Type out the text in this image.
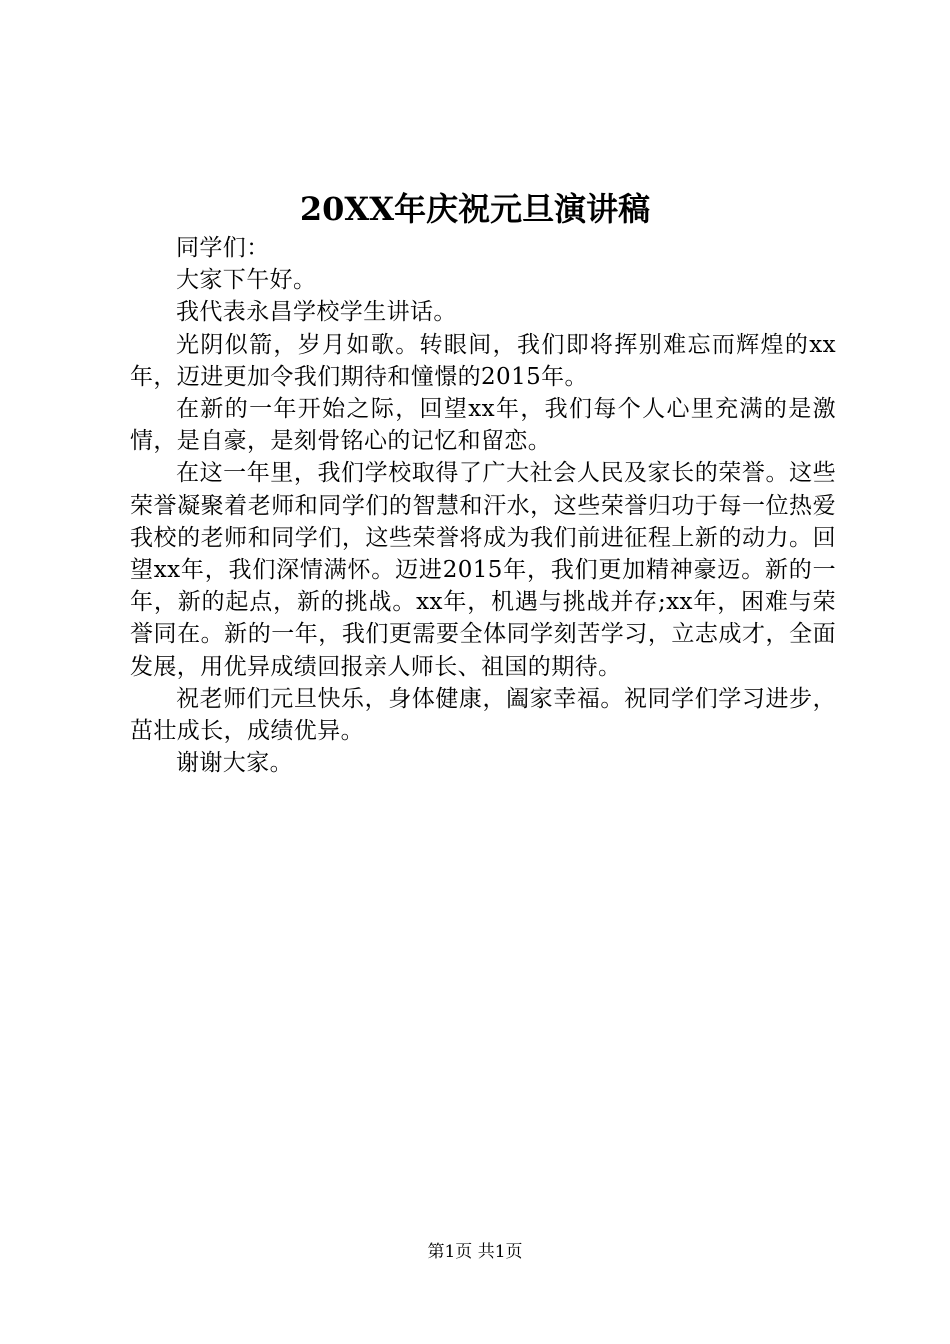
20XX年庆祝元旦演讲稿

同学们：

大家下午好。

我代表永昌学校学生讲话。

光阴似箭，岁月如歌。转眼间，我们即将挥别难忘而辉煌的xx年，迈进更加令我们期待和憧憬的2015年。

在新的一年开始之际，回望xx年，我们每个人心里充满的是激情，是自豪，是刻骨铭心的记忆和留恋。

在这一年里，我们学校取得了广大社会人民及家长的荣誉。这些荣誉凝聚着老师和同学们的智慧和汗水，这些荣誉归功于每一位热爱我校的老师和同学们，这些荣誉将成为我们前进征程上新的动力。回望xx年，我们深情满怀。迈进2015年，我们更加精神豪迈。新的一年，新的起点，新的挑战。xx年，机遇与挑战并存;xx年，困难与荣誉同在。新的一年，我们更需要全体同学刻苦学习，立志成才，全面发展，用优异成绩回报亲人师长、祖国的期待。

祝老师们元旦快乐，身体健康，阖家幸福。祝同学们学习进步，茁壮成长，成绩优异。

谢谢大家。

第1页 共1页
